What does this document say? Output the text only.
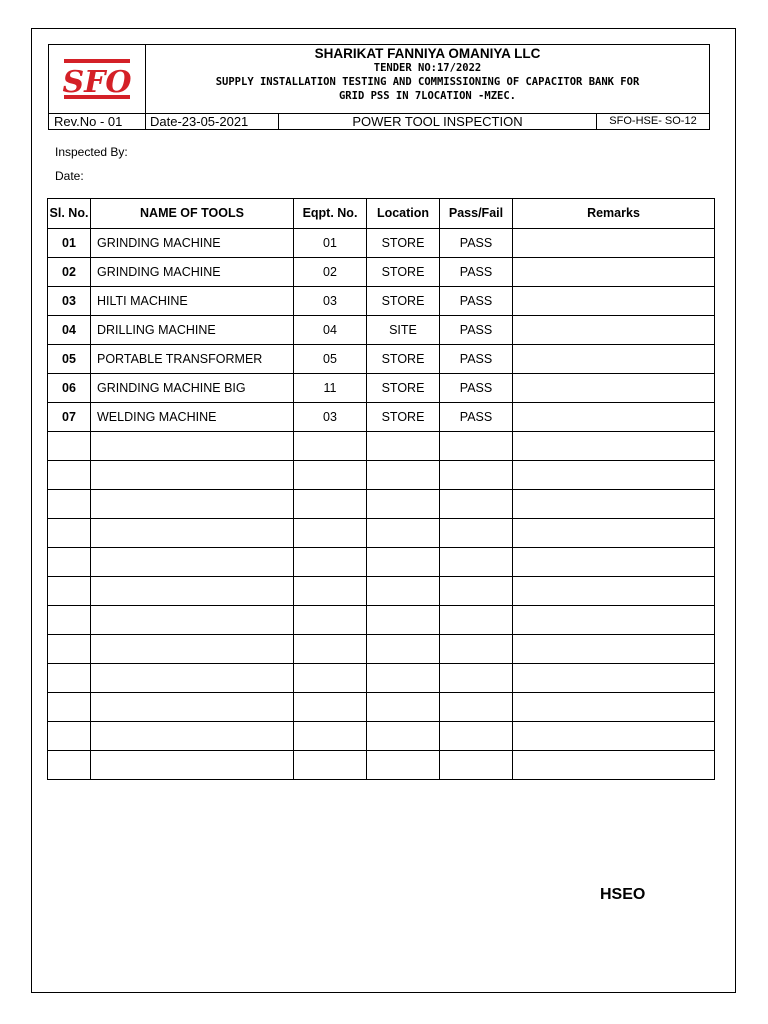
SFO
SHARIKAT FANNIYA OMANIYA LLC
TENDER NO:17/2022
SUPPLY INSTALLATION TESTING AND COMMISSIONING OF CAPACITOR BANK FOR
GRID PSS IN 7LOCATION -MZEC.
Rev.No - 01	Date-23-05-2021	POWER TOOL INSPECTION	SFO-HSE- SO-12
Inspected By:
Date:
Sl. No.	NAME OF TOOLS	Eqpt. No.	Location	Pass/Fail	Remarks
01	GRINDING MACHINE	01	STORE	PASS	
02	GRINDING MACHINE	02	STORE	PASS	
03	HILTI MACHINE	03	STORE	PASS	
04	DRILLING MACHINE	04	SITE	PASS	
05	PORTABLE TRANSFORMER	05	STORE	PASS	
06	GRINDING MACHINE BIG	11	STORE	PASS	
07	WELDING MACHINE	03	STORE	PASS	

HSEO
